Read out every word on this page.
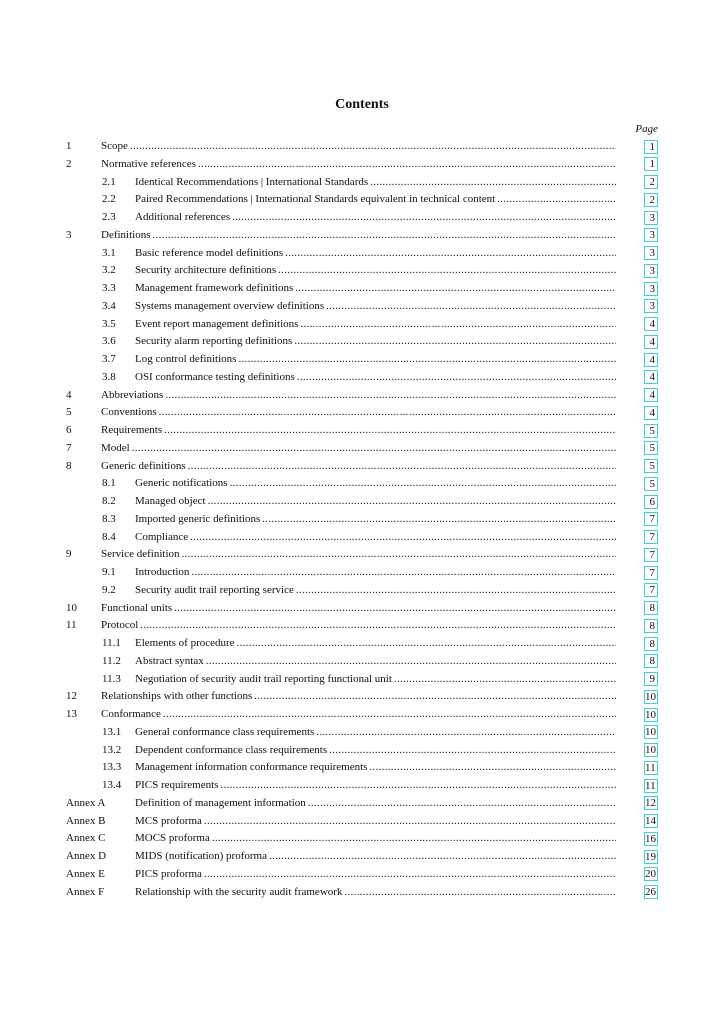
Contents
Page
1	Scope .....	1
2	Normative references .....	1
2.1 Identical Recommendations | International Standards .....	2
2.2 Paired Recommendations | International Standards equivalent in technical content .....	2
2.3 Additional references .....	3
3	Definitions .....	3
3.1 Basic reference model definitions .....	3
3.2 Security architecture definitions .....	3
3.3 Management framework definitions .....	3
3.4 Systems management overview definitions .....	3
3.5 Event report management definitions .....	4
3.6 Security alarm reporting definitions .....	4
3.7 Log control definitions .....	4
3.8 OSI conformance testing definitions .....	4
4	Abbreviations .....	4
5	Conventions .....	4
6	Requirements .....	5
7	Model .....	5
8	Generic definitions .....	5
8.1 Generic notifications .....	5
8.2 Managed object .....	6
8.3 Imported generic definitions .....	7
8.4 Compliance .....	7
9	Service definition .....	7
9.1 Introduction .....	7
9.2 Security audit trail reporting service .....	7
10 Functional units .....	8
11 Protocol .....	8
11.1 Elements of procedure .....	8
11.2 Abstract syntax .....	8
11.3 Negotiation of security audit trail reporting functional unit .....	9
12 Relationships with other functions .....	10
13 Conformance .....	10
13.1 General conformance class requirements .....	10
13.2 Dependent conformance class requirements .....	10
13.3 Management information conformance requirements .....	11
13.4 PICS requirements .....	11
Annex A	Definition of management information .....	12
Annex B	MCS proforma .....	14
Annex C	MOCS proforma .....	16
Annex D	MIDS (notification) proforma .....	19
Annex E	PICS proforma .....	20
Annex F	Relationship with the security audit framework .....	26
